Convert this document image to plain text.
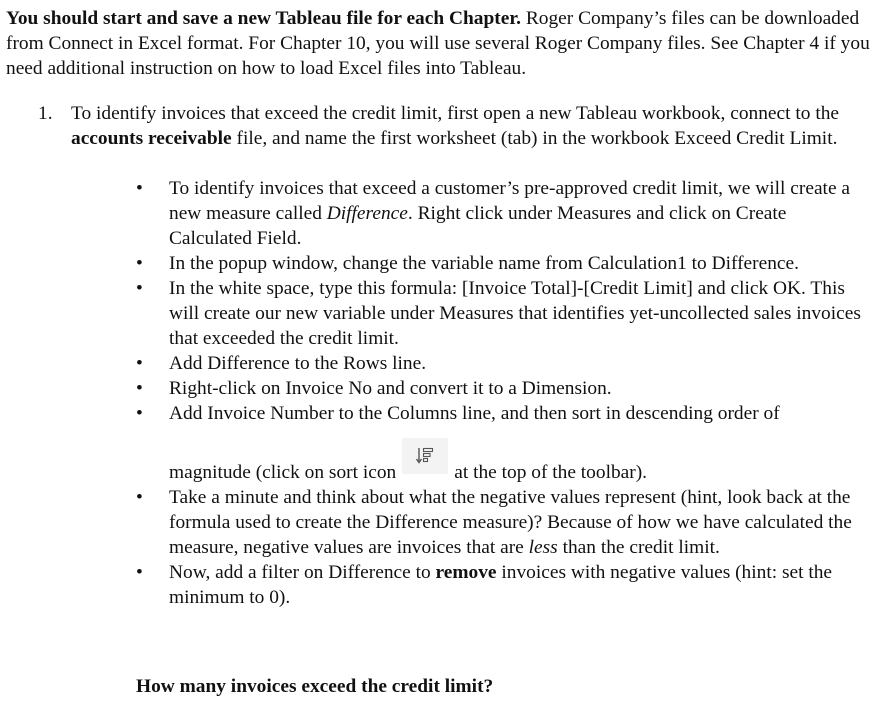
You should start and save a new Tableau file for each Chapter. Roger Company’s files can be downloaded from Connect in Excel format. For Chapter 10, you will use several Roger Company files. See Chapter 4 if you need additional instruction on how to load Excel files into Tableau.

1. To identify invoices that exceed the credit limit, first open a new Tableau workbook, connect to the accounts receivable file, and name the first worksheet (tab) in the workbook Exceed Credit Limit.
• To identify invoices that exceed a customer’s pre-approved credit limit, we will create a new measure called Difference. Right click under Measures and click on Create Calculated Field.
• In the popup window, change the variable name from Calculation1 to Difference.
• In the white space, type this formula: [Invoice Total]-[Credit Limit] and click OK. This will create our new variable under Measures that identifies yet-uncollected sales invoices that exceeded the credit limit.
• Add Difference to the Rows line.
• Right-click on Invoice No and convert it to a Dimension.
• Add Invoice Number to the Columns line, and then sort in descending order of
magnitude (click on sort icon	at the top of the toolbar).
• Take a minute and think about what the negative values represent (hint, look back at the formula used to create the Difference measure)? Because of how we have calculated the measure, negative values are invoices that are less than the credit limit.
• Now, add a filter on Difference to remove invoices with negative values (hint: set the minimum to 0).

How many invoices exceed the credit limit?
